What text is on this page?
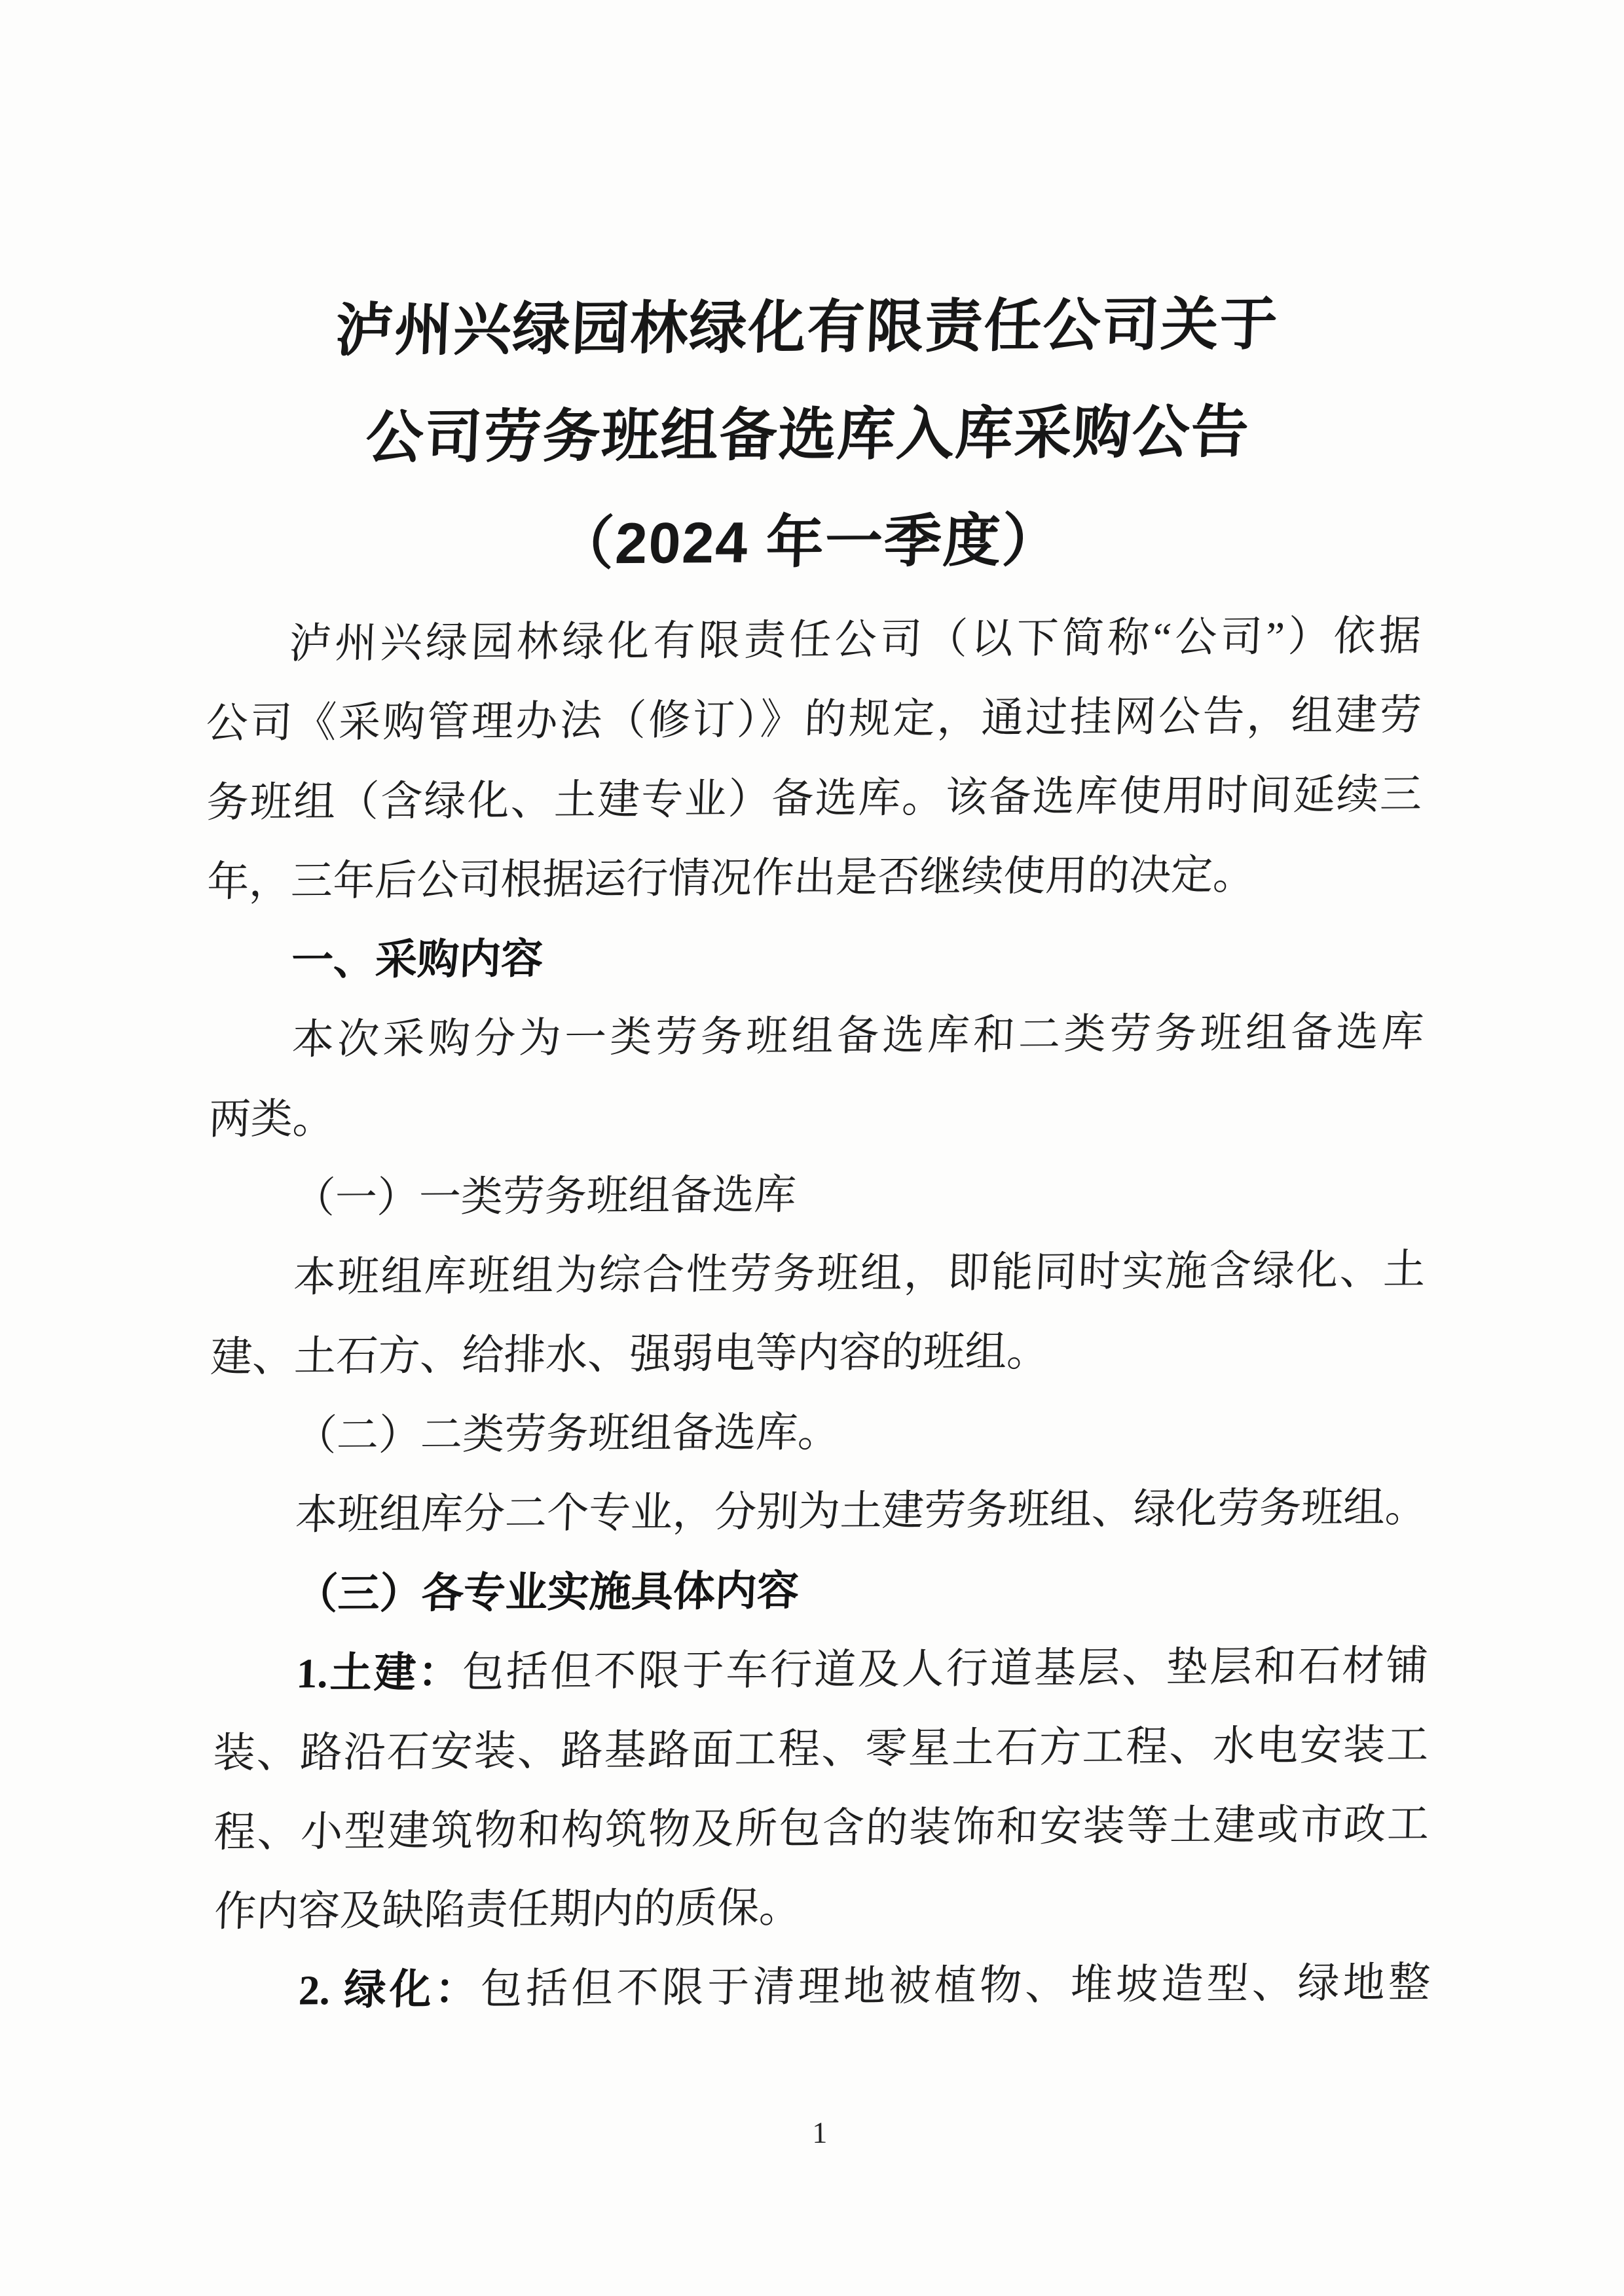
泸州兴绿园林绿化有限责任公司关于
公司劳务班组备选库入库采购公告
（2024 年一季度）
泸州兴绿园林绿化有限责任公司（以下简称“公司”）依据
公司《采购管理办法（修订）》的规定，通过挂网公告，组建劳
务班组（含绿化、土建专业）备选库。该备选库使用时间延续三
年，三年后公司根据运行情况作出是否继续使用的决定。
一、采购内容
本次采购分为一类劳务班组备选库和二类劳务班组备选库
两类。
（一）一类劳务班组备选库
本班组库班组为综合性劳务班组，即能同时实施含绿化、土
建、土石方、给排水、强弱电等内容的班组。
（二）二类劳务班组备选库。
本班组库分二个专业，分别为土建劳务班组、绿化劳务班组。
（三）各专业实施具体内容
1.土建：包括但不限于车行道及人行道基层、垫层和石材铺
装、路沿石安装、路基路面工程、零星土石方工程、水电安装工
程、小型建筑物和构筑物及所包含的装饰和安装等土建或市政工
作内容及缺陷责任期内的质保。
2. 绿化：包括但不限于清理地被植物、堆坡造型、绿地整
1
